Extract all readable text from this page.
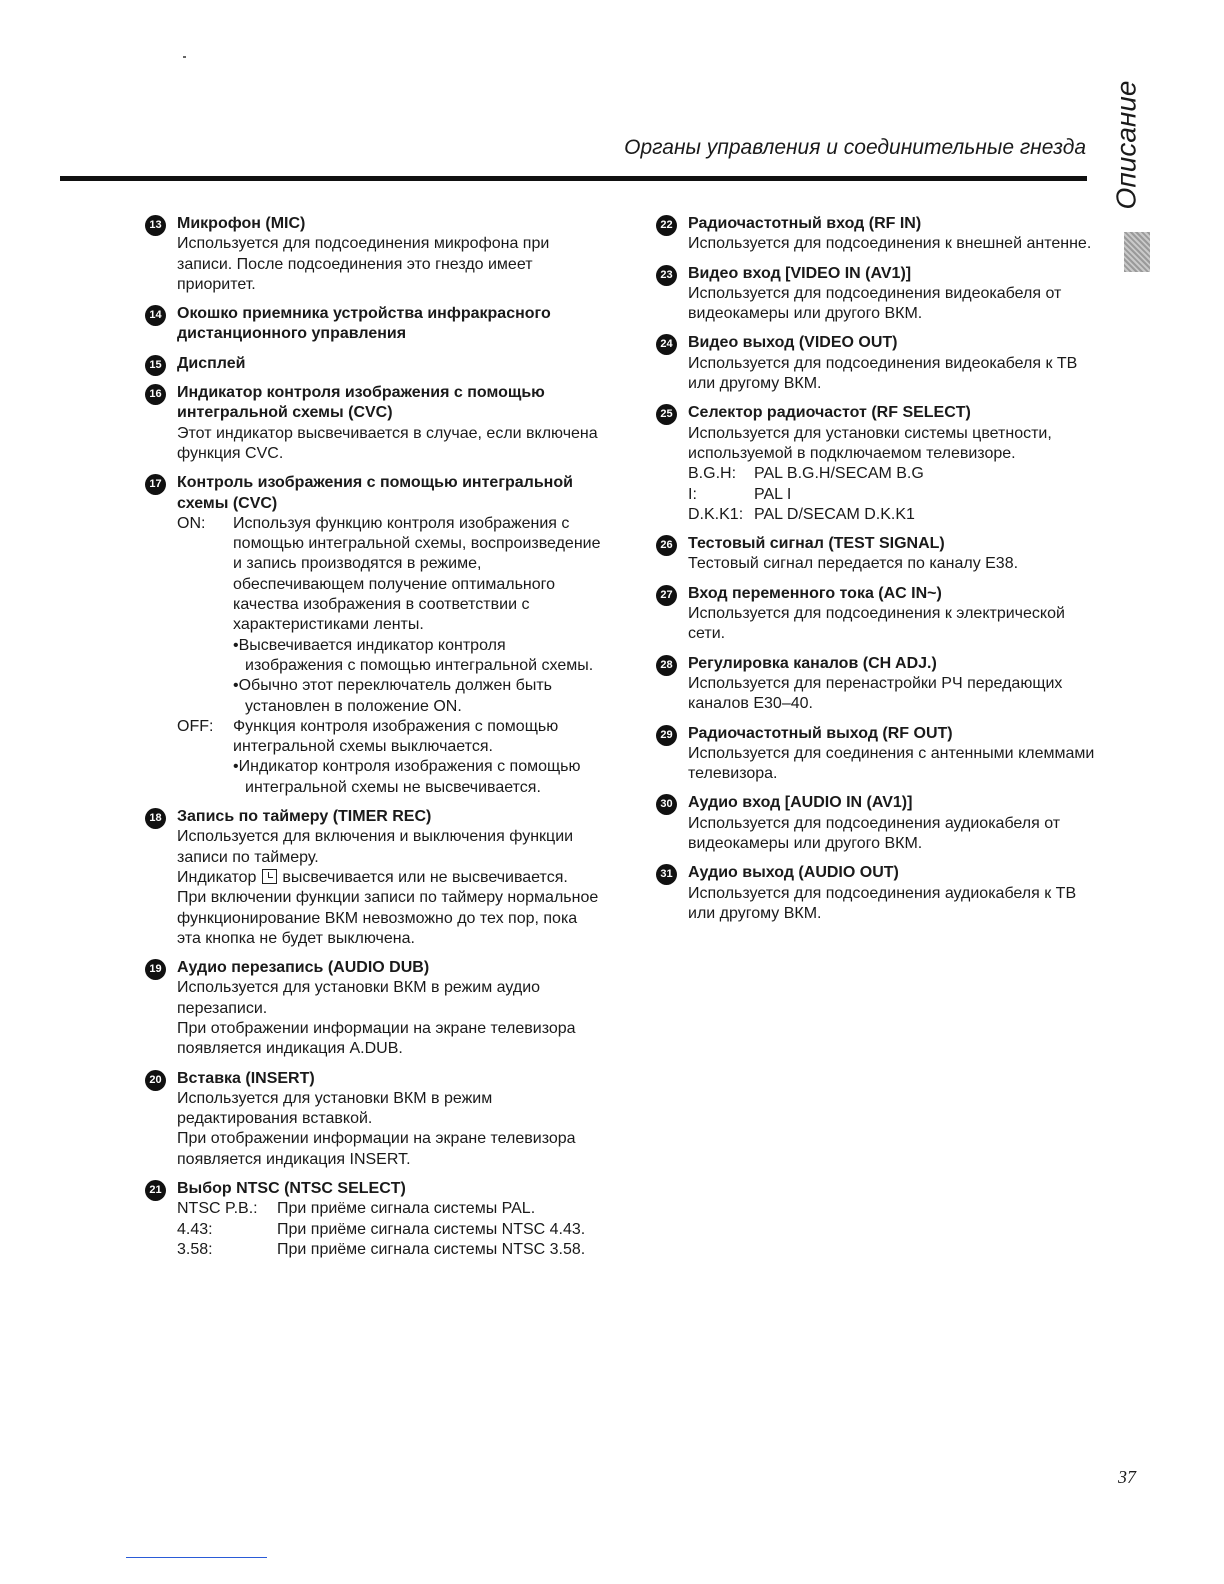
Органы управления и соединительные гнезда Описание
13 Микрофон (MIC)
Используется для подсоединения микрофона при записи. После подсоединения это гнездо имеет приоритет.
14 Окошко приемника устройства инфракрасного дистанционного управления
15 Дисплей
16 Индикатор контроля изображения с помощью интегральной схемы (CVC)
Этот индикатор высвечивается в случае, если включена функция CVC.
17 Контроль изображения с помощью интегральной схемы (CVC)
ON:	Используя функцию контроля изображения с помощью интегральной схемы, воспроизведение и запись производятся в режиме, обеспечивающем получение оптимального качества изображения в соответствии с характеристиками ленты.
• Высвечивается индикатор контроля изображения с помощью интегральной схемы.
• Обычно этот переключатель должен быть установлен в положение ON.
OFF:	Функция контроля изображения с помощью интегральной схемы выключается.
• Индикатор контроля изображения с помощью интегральной схемы не высвечивается.
18 Запись по таймеру (TIMER REC)
Используется для включения и выключения функции записи по таймеру.
Индикатор высвечивается или не высвечивается.
При включении функции записи по таймеру нормальное функционирование ВКМ невозможно до тех пор, пока эта кнопка не будет выключена.
19 Аудио перезапись (AUDIO DUB)
Используется для установки ВКМ в режим аудио перезаписи.
При отображении информации на экране телевизора появляется индикация A.DUB.
20 Вставка (INSERT)
Используется для установки ВКМ в режим редактирования вставкой.
При отображении информации на экране телевизора появляется индикация INSERT.
21 Выбор NTSC (NTSC SELECT)
NTSC P.B.:	При приёме сигнала системы PAL.
4.43:	При приёме сигнала системы NTSC 4.43.
3.58:	При приёме сигнала системы NTSC 3.58.
22 Радиочастотный вход (RF IN)
Используется для подсоединения к внешней антенне.
23 Видео вход [VIDEO IN (AV1)]
Используется для подсоединения видеокабеля от видеокамеры или другого ВКМ.
24 Видео выход (VIDEO OUT)
Используется для подсоединения видеокабеля к ТВ или другому ВКМ.
25 Селектор радиочастот (RF SELECT)
Используется для установки системы цветности, используемой в подключаемом телевизоре.
B.G.H:	PAL B.G.H/SECAM B.G
I:	PAL I
D.K.K1: PAL D/SECAM D.K.K1
26 Тестовый сигнал (TEST SIGNAL)
Тестовый сигнал передается по каналу E38.
27 Вход переменного тока (AC IN~)
Используется для подсоединения к электрической сети.
28 Регулировка каналов (CH ADJ.)
Используется для перенастройки РЧ передающих каналов E30–40.
29 Радиочастотный выход (RF OUT)
Используется для соединения с антенными клеммами телевизора.
30 Аудио вход [AUDIO IN (AV1)]
Используется для подсоединения аудиокабеля от видеокамеры или другого ВКМ.
31 Аудио выход (AUDIO OUT)
Используется для подсоединения аудиокабеля к ТВ или другому ВКМ.
37
